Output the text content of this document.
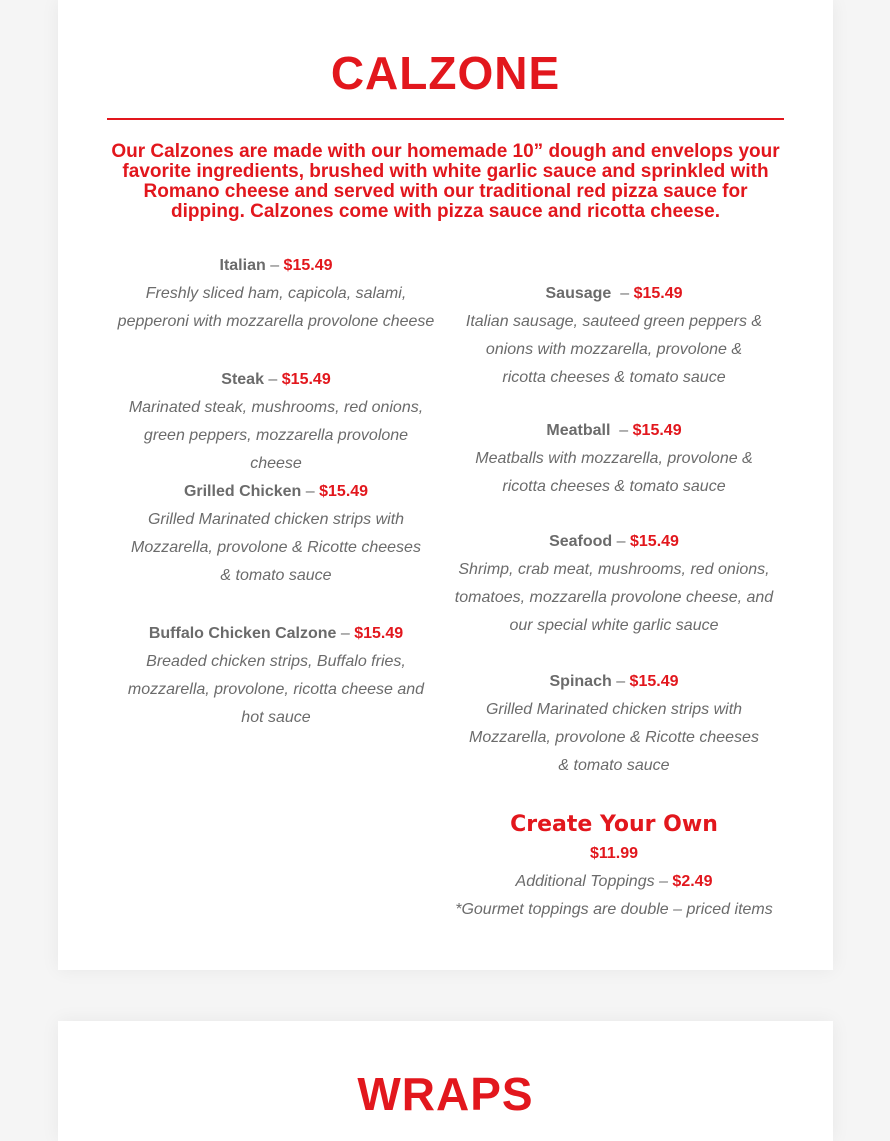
CALZONE

Our Calzones are made with our homemade 10” dough and envelops your favorite ingredients, brushed with white garlic sauce and sprinkled with Romano cheese and served with our traditional red pizza sauce for dipping. Calzones come with pizza sauce and ricotta cheese.

Italian – $15.49

Freshly sliced ham, capicola, salami, pepperoni with mozzarella provolone cheese

Steak – $15.49

Marinated steak, mushrooms, red onions, green peppers, mozzarella provolone cheese

Grilled Chicken – $15.49

Grilled Marinated chicken strips with Mozzarella, provolone & Ricotte cheeses & tomato sauce

Buffalo Chicken Calzone – $15.49

Breaded chicken strips, Buffalo fries, mozzarella, provolone, ricotta cheese and hot sauce

Sausage – $15.49

Italian sausage, sauteed green peppers & onions with mozzarella, provolone & ricotta cheeses & tomato sauce

Meatball – $15.49

Meatballs with mozzarella, provolone & ricotta cheeses & tomato sauce

Seafood – $15.49

Shrimp, crab meat, mushrooms, red onions, tomatoes, mozzarella provolone cheese, and our special white garlic sauce

Spinach – $15.49

Grilled Marinated chicken strips with Mozzarella, provolone & Ricotte cheeses & tomato sauce

Create Your Own
$11.99
Additional Toppings – $2.49
*Gourmet toppings are double – priced items
WRAPS
